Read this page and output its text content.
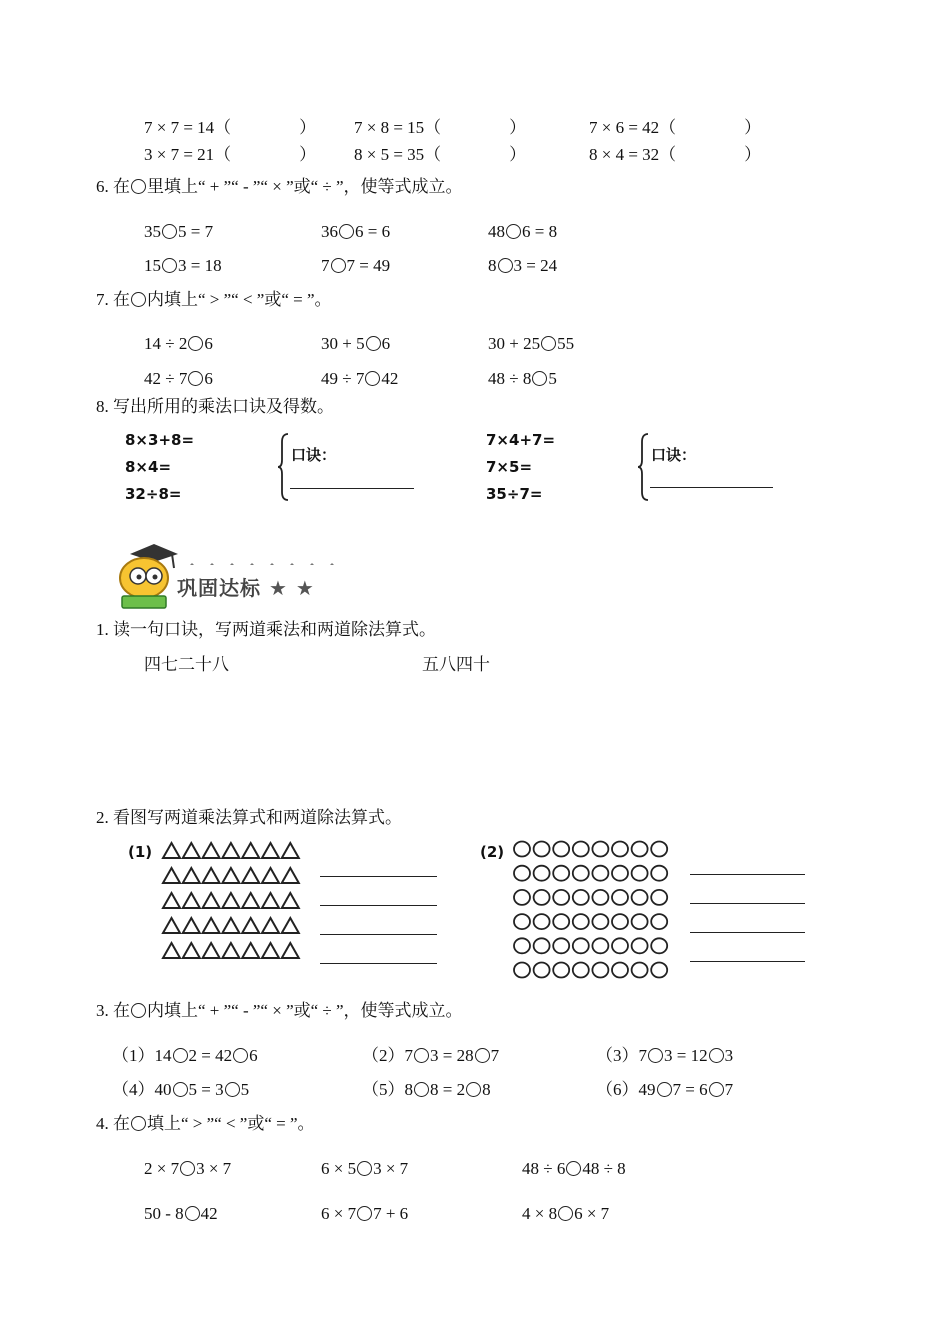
7 × 7 = 14（　　　　） 7 × 8 = 15（　　　　）	7 × 6 = 42（　　　　）
3 × 7 = 21（　　　　） 8 × 5 = 35（　　　　）	8 × 4 = 32（　　　　）
6. 在 里填上“ + ”“ - ”“ × ”或“ ÷ ”，使等式成立。
35 5 = 7	36 6 = 6	48 6 = 8
15 3 = 18	7 7 = 49	8 3 = 24
7. 在 内填上“ > ”“ < ”或“ = ”。
14 ÷ 2 6	30 + 5 6	30 + 25 55
42 ÷ 7 6	49 ÷ 7 42	48 ÷ 8 5
8. 写出所用的乘法口诀及得数。
8×3+8=
8×4=
32÷8=
口诀：
7×4+7=
7×5=
35÷7=
口诀：
巩固达标 ★ ★
1. 读一句口诀，写两道乘法和两道除法算式。
四七二十八	五八四十
2. 看图写两道乘法算式和两道除法算式。
(1)	(2)
3. 在 内填上“ + ”“ - ”“ × ”或“ ÷ ”，使等式成立。
（1）14 2 = 42 6	（2）7 3 = 28 7	（3）7 3 = 12 3
（4）40 5 = 3 5	（5）8 8 = 2 8	（6）49 7 = 6 7
4. 在 填上“ > ”“ < ”或“ = ”。
2 × 7 3 × 7	6 × 5 3 × 7	48 ÷ 6 48 ÷ 8
50 - 8 42	6 × 7 7 + 6	4 × 8 6 × 7
